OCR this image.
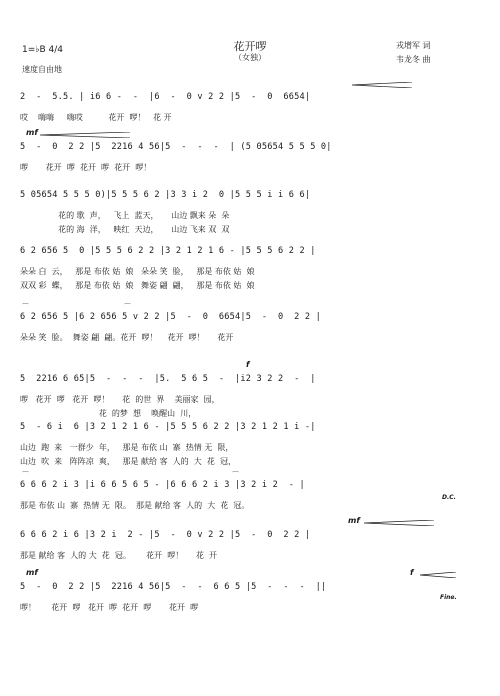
花开啰
（女独）
1=♭B 4/4
速度自由地
戎增军 词
韦龙冬 曲
2  -  5.5. | i6 6 -  -  |6  -  0 v 2 2 |5  -  0  6654|
哎    嗨嗨     嗨哎          花开  啰！   花 开
mf
5  -  0  2 2 |5  2216 4 56|5  -  -  -  | (5 05654 5 5 5 0|
啰       花开  啰  花开  啰  花开  啰！
5 05654 5 5 5 0)|5 5 5 6 2 |3 3 i 2  0 |5 5 5 i i 6 6|
花的 歌  声，   飞上  蓝天，     山边 飘来 朵  朵
花的 海  洋，   映红  天边，     山边 飞来 双  双
6 2 656 5  0 |5 5 5 6 2 2 |3 2 1 2 1 6 - |5 5 5 6 2 2 |
朵朵 白  云，   那是 布依 姑  娘   朵朵 笑  脸，   那是 布依 姑  娘
双双 彩  蝶，   那是 布依 姑  娘   舞姿 翩  翩，   那是 布依 姑  娘
6 2 656 5 |6 2 656 5 v 2 2 |5  -  0  6654|5  -  0  2 2 |
朵朵 笑  脸。  舞姿 翩  翩。花开  啰！    花开  啰！     花开
f
5  2216 6 65|5  -  -  -  |5.  5 6 5  -  |i2 3 2 2  -  |
啰   花开  啰   花开  啰！     花  的世  界    美丽家  园，
花  的梦  想    唤醒山  川，
5  - 6 i  6 |3 2 1 2 1 6 - |5 5 5 6 2 2 |3 2 1 2 1 i -|
山边  跑  来   一群少  年，   那是 布依 山  寨  热情 无  限，
山边  吹  来   阵阵凉  爽，   那是 献给 客  人的  大  花  冠，
6 6 6 2 i 3 |i 6 6 5 6 5 - |6 6 6 2 i 3 |3 2 i 2  - |
那是 布依 山  寨  热情 无  限。  那是 献给 客  人的  大  花  冠。
D.C.
mf
6 6 6 2 i 6 |3 2 i  2 - |5  -  0 v 2 2 |5  -  0  2 2 |
那是 献给 客  人的 大  花  冠。      花开  啰！     花  开
mf	f
5  -  0  2 2 |5  2216 4 56|5  -  -  6 6 5 |5  -  -  -  ||
啰！      花开  啰   花开  啰  花开  啰       花开  啰
Fine.
⌒	⌒
⌒	⌒
